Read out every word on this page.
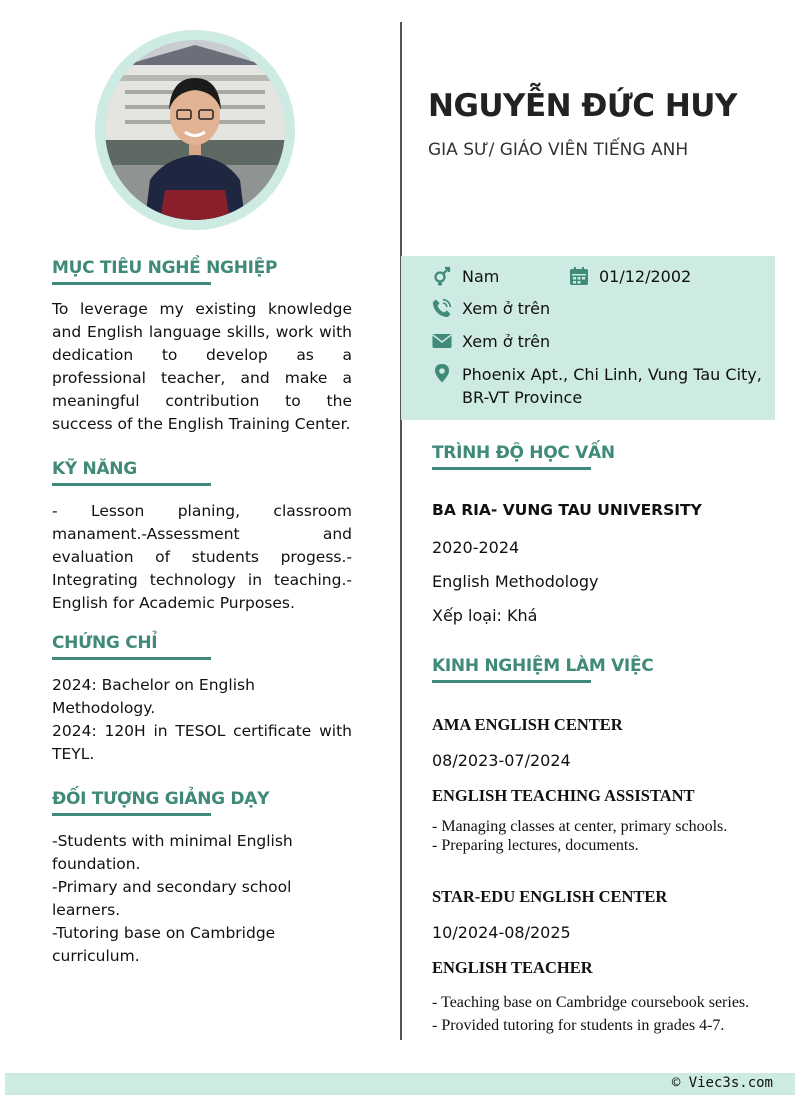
MỤC TIÊU NGHỀ NGHIỆP
To leverage my existing knowledge and English language skills, work with dedication to develop as a professional teacher, and make a meaningful contribution to the success of the English Training Center.
KỸ NĂNG
- Lesson planing, classroom manament.-Assessment and evaluation of students progess.- Integrating technology in teaching.-English for Academic Purposes.
CHỨNG CHỈ
2024: Bachelor on English Methodology.
2024: 120H in TESOL certificate with TEYL.
ĐỐI TƯỢNG GIẢNG DẠY
-Students with minimal English
foundation.
-Primary and secondary school learners.
-Tutoring base on Cambridge
curriculum.
NGUYỄN ĐỨC HUY
GIA SƯ/ GIÁO VIÊN TIẾNG ANH
Nam	01/12/2002
Xem ở trên
Xem ở trên
Phoenix Apt., Chi Linh, Vung Tau City,
BR-VT Province
TRÌNH ĐỘ HỌC VẤN
BA RIA- VUNG TAU UNIVERSITY
2020-2024
English Methodology
Xếp loại: Khá
KINH NGHIỆM LÀM VIỆC
AMA ENGLISH CENTER
08/2023-07/2024
ENGLISH TEACHING ASSISTANT
- Managing classes at center, primary schools.
- Preparing lectures, documents.
STAR-EDU ENGLISH CENTER
10/2024-08/2025
ENGLISH TEACHER
- Teaching base on Cambridge coursebook series.
- Provided tutoring for students in grades 4-7.
© Viec3s.com
